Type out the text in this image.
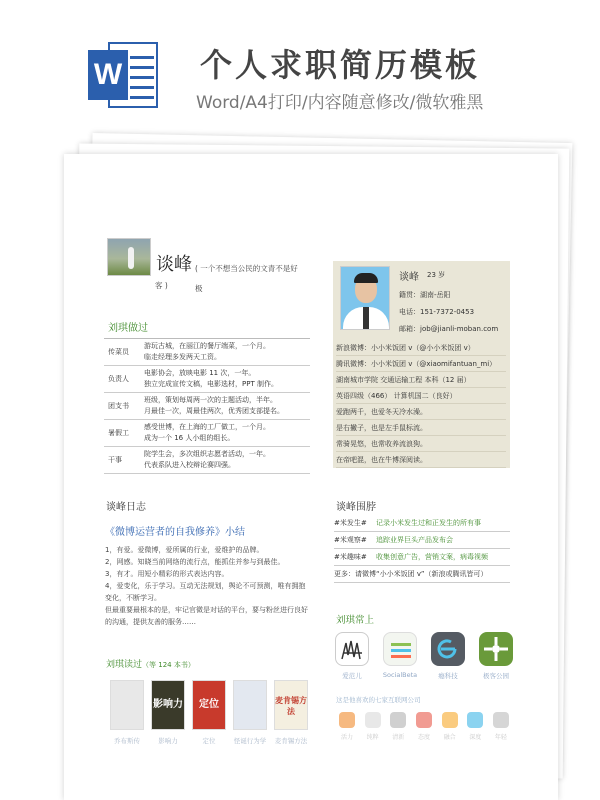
W 个人求职简历模板
Word/A4打印/内容随意修改/微软雅黑
谈峰 ( 一个不想当公民的文青不是好极
客 )
刘琪做过
传菜员
游玩古城，在丽江的餐厅端菜，一个月。
临走经理多发两天工资。
负责人
电影协会，放映电影 11 次，一年。
独立完成宣传文稿，电影选材，PPT 制作。
团支书
班级，策划每周两一次的主题活动，半年。
月最佳一次，周最佳两次，优秀团支部提名。
暑假工
感受世博，在上海的工厂做工，一个月。
成为一个 16 人小组的组长。
干事
院学生会，多次组织志愿者活动，一年。
代表系队进入校辩论赛四强。
谈峰 23 岁
籍贯：湖南-岳阳
电话：151-7372-0453
邮箱：job@jianli-moban.com
新浪微博：小小米饭团 v（@小小米饭团 v）
腾讯微博：小小米饭团 v（@xiaomifantuan_mi）
湖南城市学院 交通运输工程 本科（12 届）
英语四级（466） 计算机国二（良好）
爱跑两千，也爱冬天冷水澡。
是右撇子，也是左手鼠标流。
常骑晃悠，也常收养流浪狗。
在帝吧混，也在牛博深阅读。
谈峰日志
《微博运营者的自我修养》小结
1，有爱。爱微博，爱所属的行业，爱维护的品牌。
2，网感。知晓当前网络的流行点，能抓住并参与到最佳。
3，有才。用短小精彩的形式表达内容。
4，爱变化，乐于学习。互动无法规划，舆论不可预测，唯有拥抱变化，不断学习。
但最重要最根本的是，牢记官微是对话的平台，要与粉丝进行良好的沟通，提供友善的服务……
刘琪读过（等 124 本书）
乔布斯传
影响力
影响力
定位
定位	怪诞行为学
麦肯锡方法
麦肯锡方法
谈峰围脖
#米发生# 记录小米发生过和正发生的所有事
#米观察# 追踪业界巨头产品发布会
#米趣味# 收集创意广告，营销文案，病毒视频
更多：请微博“小小米饭团 v”（新浪或腾讯皆可）
刘琪常上
爱范儿	SocialBeta	瘾科技	极客公园
这是他喜欢的七家互联网公司
活力	纯粹	清新	态度	融合	深度	年轻
